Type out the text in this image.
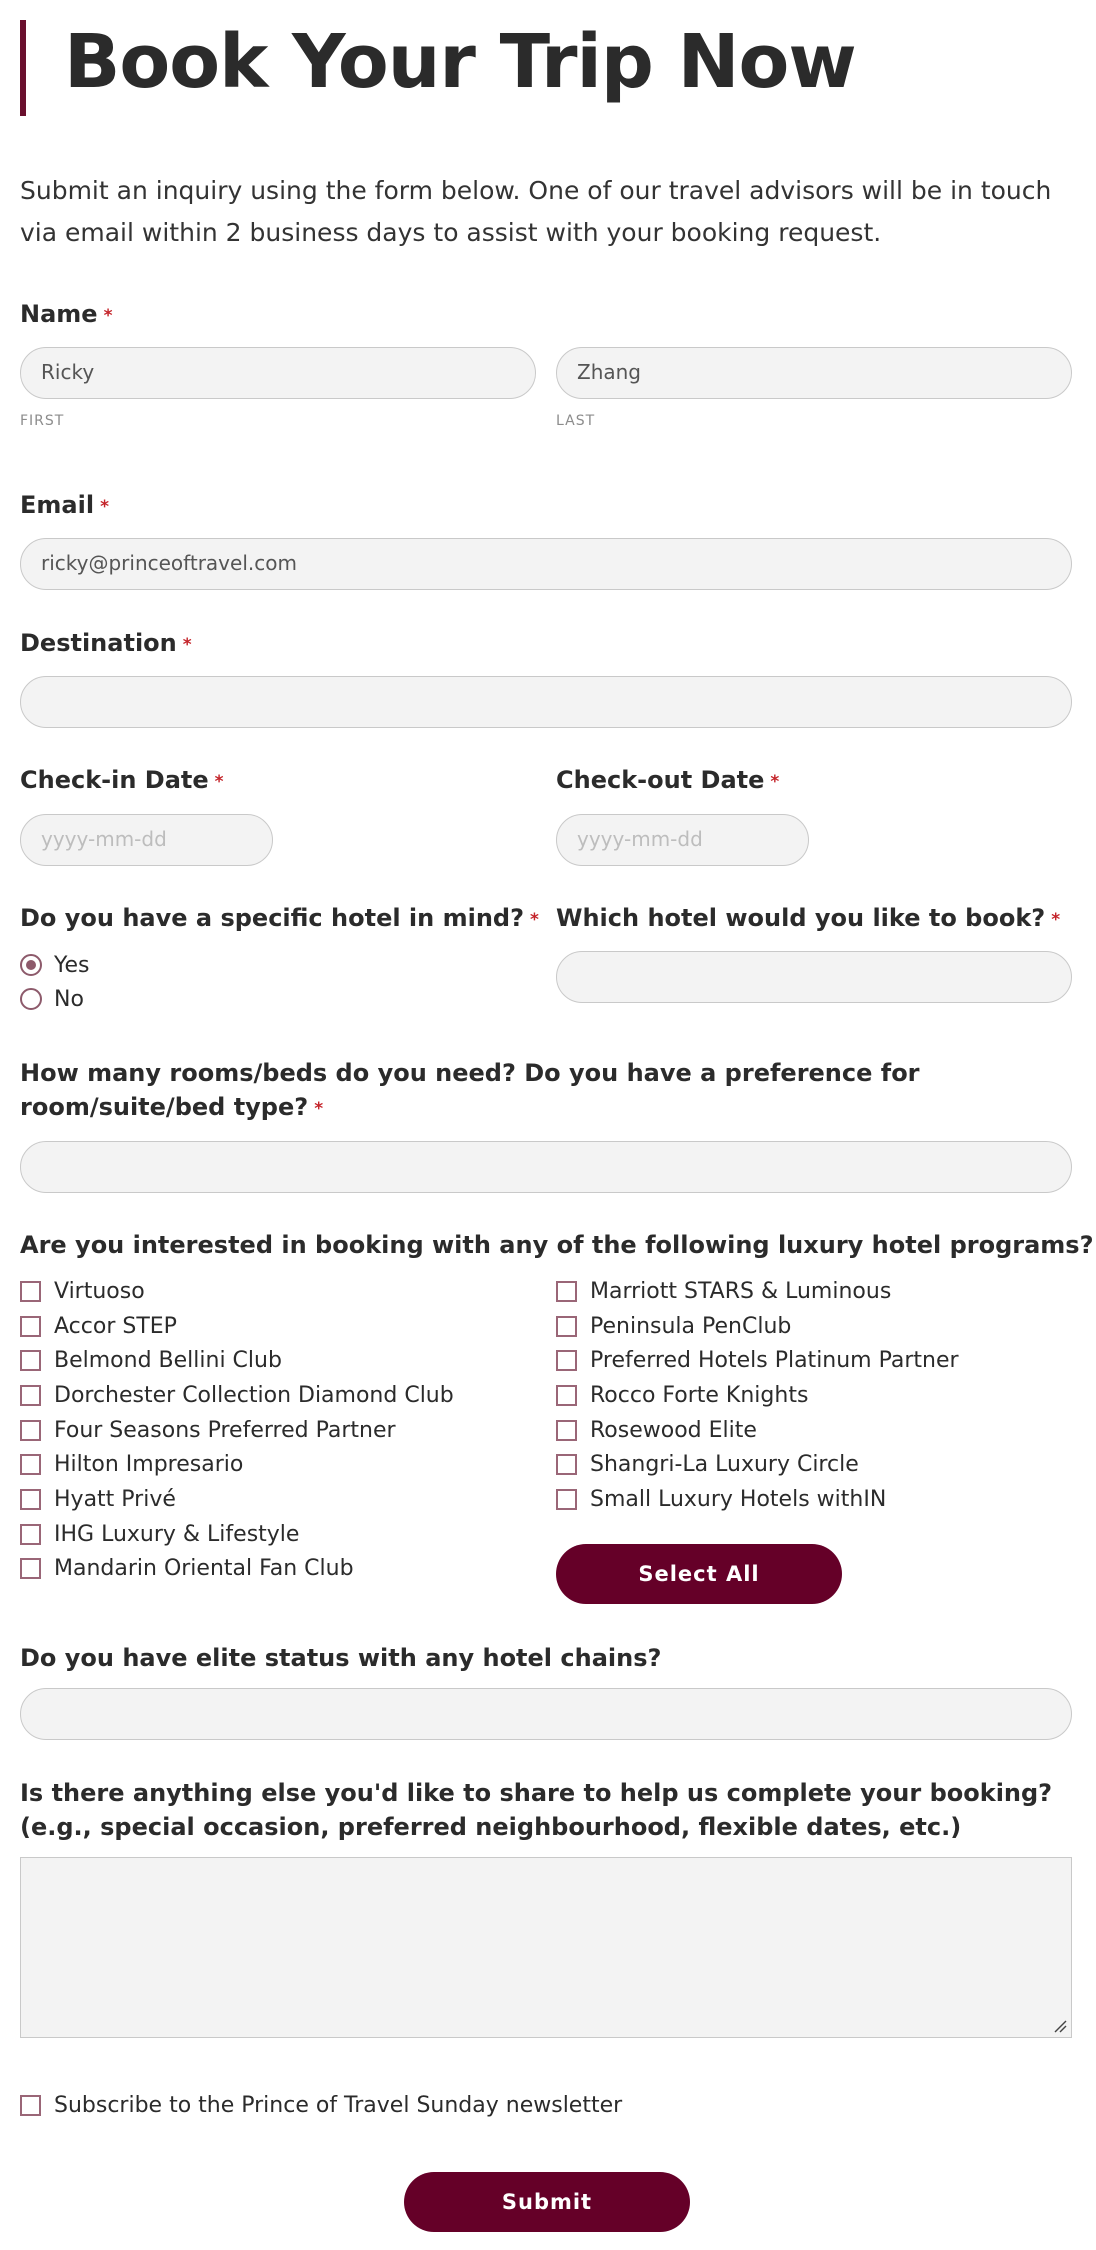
Book Your Trip Now

Submit an inquiry using the form below. One of our travel advisors will be in touch via email within 2 business days to assist with your booking request.

Name *
Ricky	Zhang
FIRST	LAST
Email *
ricky@princeoftravel.com
Destination *
Check-in Date *
yyyy-mm-dd
Check-out Date *
yyyy-mm-dd
Do you have a specific hotel in mind? *
Yes
No
Which hotel would you like to book? *
How many rooms/beds do you need? Do you have a preference for room/suite/bed type? *
Are you interested in booking with any of the following luxury hotel programs?
Virtuoso
Accor STEP
Belmond Bellini Club
Dorchester Collection Diamond Club
Four Seasons Preferred Partner
Hilton Impresario
Hyatt Privé
IHG Luxury & Lifestyle
Mandarin Oriental Fan Club
Marriott STARS & Luminous
Peninsula PenClub
Preferred Hotels Platinum Partner
Rocco Forte Knights
Rosewood Elite
Shangri-La Luxury Circle
Small Luxury Hotels withIN
Select All
Do you have elite status with any hotel chains?
Is there anything else you'd like to share to help us complete your booking? (e.g., special occasion, preferred neighbourhood, flexible dates, etc.)
Subscribe to the Prince of Travel Sunday newsletter
Submit
